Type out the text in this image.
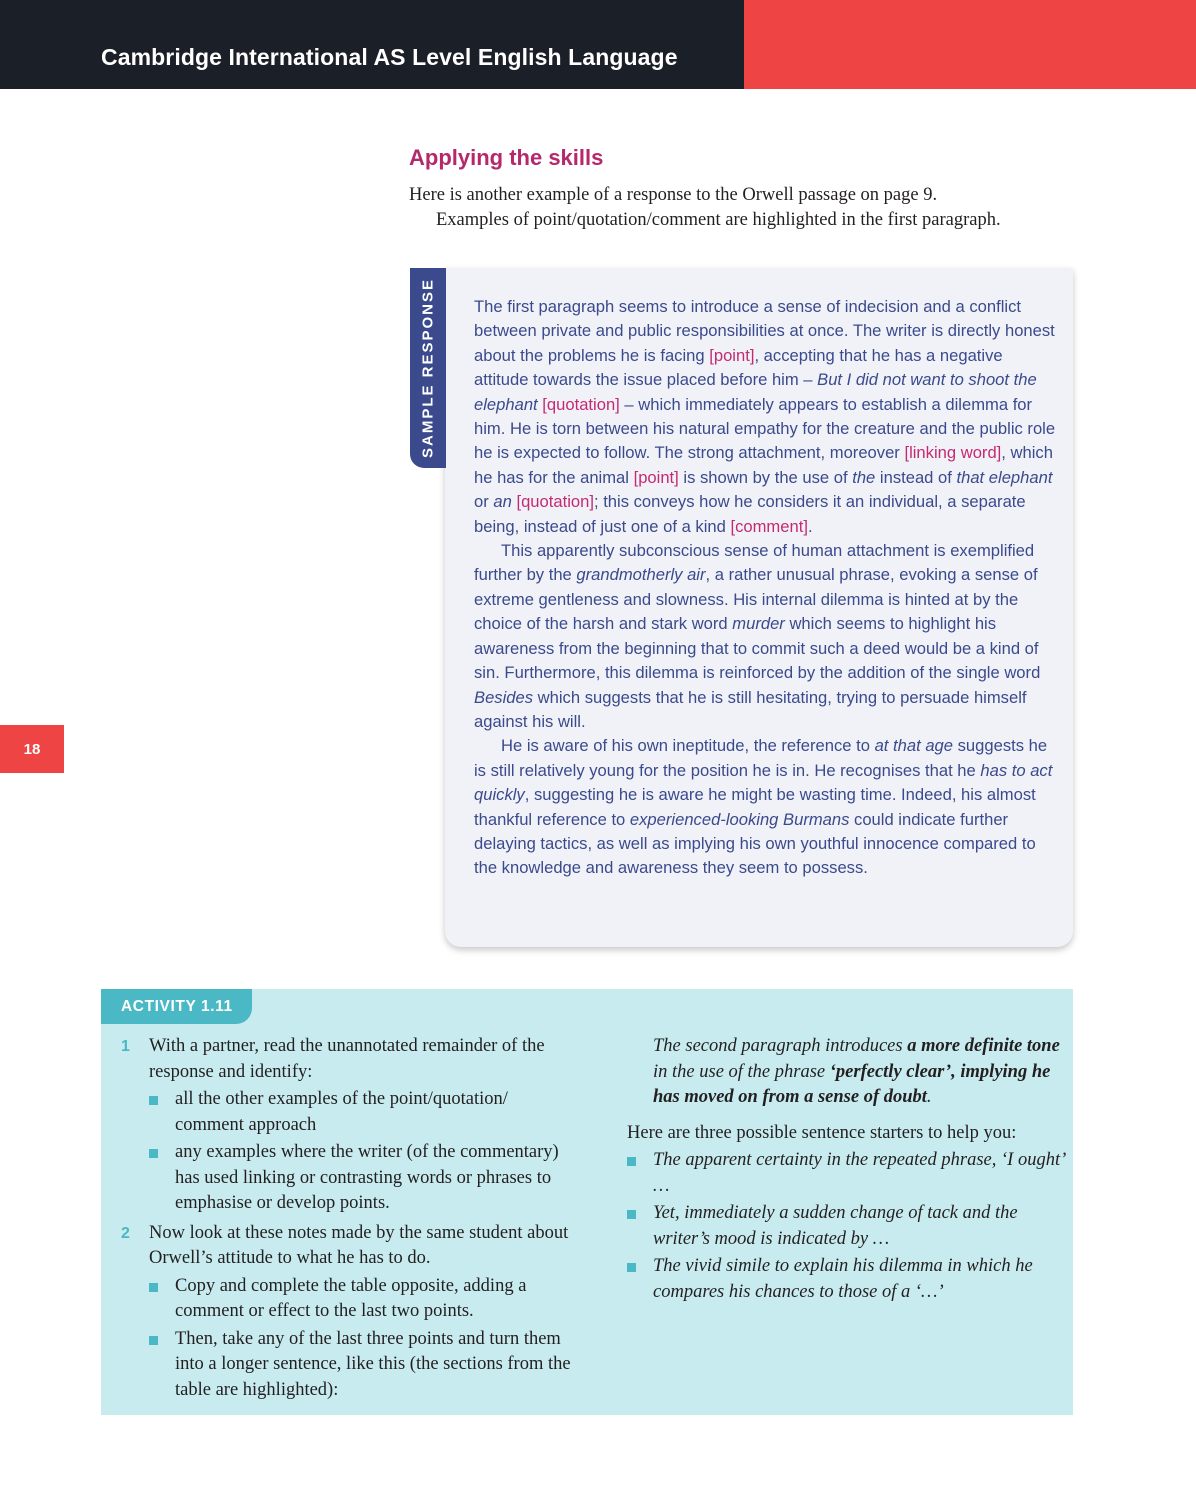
Cambridge International AS Level English Language
18
Applying the skills
Here is another example of a response to the Orwell passage on page 9.
Examples of point/quotation/comment are highlighted in the first paragraph.
SAMPLE RESPONSE The first paragraph seems to introduce a sense of indecision and a conflict between private and public responsibilities at once. The writer is directly honest about the problems he is facing [point], accepting that he has a negative attitude towards the issue placed before him – But I did not want to shoot the elephant [quotation] – which immediately appears to establish a dilemma for him. He is torn between his natural empathy for the creature and the public role he is expected to follow. The strong attachment, moreover [linking word], which he has for the animal [point] is shown by the use of the instead of that elephant or an [quotation]; this conveys how he considers it an individual, a separate being, instead of just one of a kind [comment].

This apparently subconscious sense of human attachment is exemplified further by the grandmotherly air, a rather unusual phrase, evoking a sense of extreme gentleness and slowness. His internal dilemma is hinted at by the choice of the harsh and stark word murder which seems to highlight his awareness from the beginning that to commit such a deed would be a kind of sin. Furthermore, this dilemma is reinforced by the addition of the single word Besides which suggests that he is still hesitating, trying to persuade himself against his will.

He is aware of his own ineptitude, the reference to at that age suggests he is still relatively young for the position he is in. He recognises that he has to act quickly, suggesting he is aware he might be wasting time. Indeed, his almost thankful reference to experienced-looking Burmans could indicate further delaying tactics, as well as implying his own youthful innocence compared to the knowledge and awareness they seem to possess.

ACTIVITY 1.11
1 With a partner, read the unannotated remainder of the response and identify:
all the other examples of the point/quotation/ comment approach
any examples where the writer (of the commentary) has used linking or contrasting words or phrases to emphasise or develop points.
2 Now look at these notes made by the same student about Orwell’s attitude to what he has to do.
Copy and complete the table opposite, adding a comment or effect to the last two points.
Then, take any of the last three points and turn them into a longer sentence, like this (the sections from the table are highlighted):
The second paragraph introduces a more definite tone in the use of the phrase ‘perfectly clear’, implying he has moved on from a sense of doubt.
Here are three possible sentence starters to help you:
The apparent certainty in the repeated phrase, ‘I ought’ …
Yet, immediately a sudden change of tack and the writer’s mood is indicated by …
The vivid simile to explain his dilemma in which he compares his chances to those of a ‘…’
